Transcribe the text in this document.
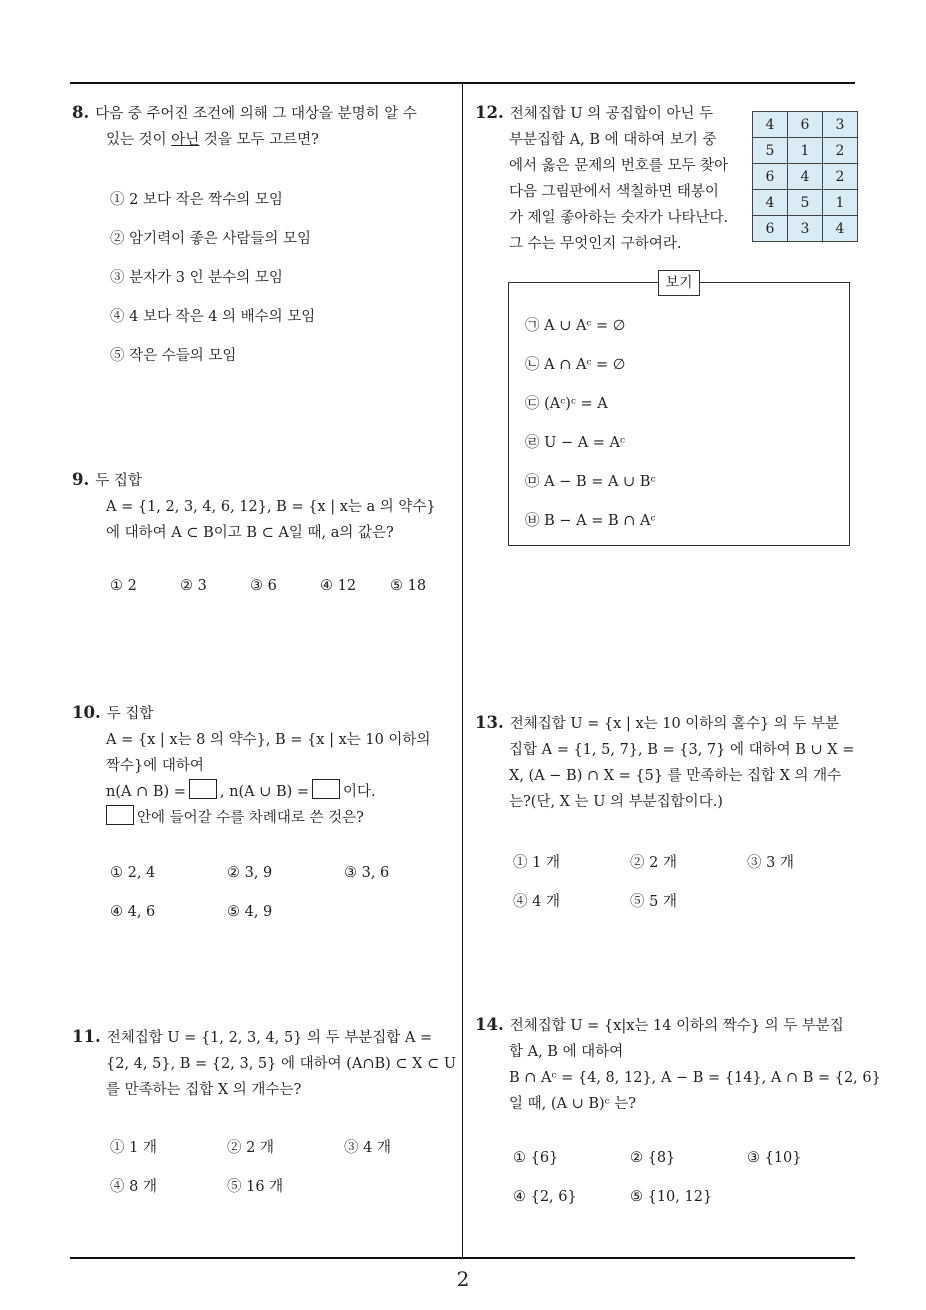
8. 다음 중 주어진 조건에 의해 그 대상을 분명히 알 수
있는 것이 아닌 것을 모두 고르면?
① 2 보다 작은 짝수의 모임
② 암기력이 좋은 사람들의 모임
③ 분자가 3 인 분수의 모임
④ 4 보다 작은 4 의 배수의 모임
⑤ 작은 수들의 모임
9. 두 집합
A = {1, 2, 3, 4, 6, 12}, B = {x | x는 a 의 약수}
에 대하여 A ⊂ B이고 B ⊂ A일 때, a의 값은?
① 2	② 3	③ 6	④ 12 ⑤ 18
10. 두 집합
A = {x | x는 8 의 약수}, B = {x | x는 10 이하의
짝수}에 대하여
n(A ∩ B) = , n(A ∪ B) = 이다.
안에 들어갈 수를 차례대로 쓴 것은?
① 2, 4	② 3, 9	③ 3, 6
④ 4, 6	⑤ 4, 9
11. 전체집합 U = {1, 2, 3, 4, 5} 의 두 부분집합 A =
{2, 4, 5}, B = {2, 3, 5} 에 대하여 (A∩B) ⊂ X ⊂ U
를 만족하는 집합 X 의 개수는?
① 1 개	② 2 개	③ 4 개
④ 8 개	⑤ 16 개
12. 전체집합 U 의 공집합이 아닌 두
부분집합 A, B 에 대하여 보기 중
에서 옳은 문제의 번호를 모두 찾아
다음 그림판에서 색칠하면 태봉이
가 제일 좋아하는 숫자가 나타난다.
그 수는 무엇인지 구하여라.
4	6	3
5	1	2
6	4	2
4	5	1
6	3	4
보기
㉠ A ∪ Aᶜ = ∅
㉡ A ∩ Aᶜ = ∅
㉢ (Aᶜ)ᶜ = A
㉣ U − A = Aᶜ
㉤ A − B = A ∪ Bᶜ
㉥ B − A = B ∩ Aᶜ
13. 전체집합 U = {x | x는 10 이하의 홀수} 의 두 부분
집합 A = {1, 5, 7}, B = {3, 7} 에 대하여 B ∪ X =
X, (A − B) ∩ X = {5} 를 만족하는 집합 X 의 개수
는?(단, X 는 U 의 부분집합이다.)
① 1 개	② 2 개	③ 3 개
④ 4 개	⑤ 5 개
14. 전체집합 U = {x|x는 14 이하의 짝수} 의 두 부분집
합 A, B 에 대하여
B ∩ Aᶜ = {4, 8, 12}, A − B = {14}, A ∩ B = {2, 6}
일 때, (A ∪ B)ᶜ 는?
① {6}	② {8}	③ {10}
④ {2, 6}	⑤ {10, 12}
2
